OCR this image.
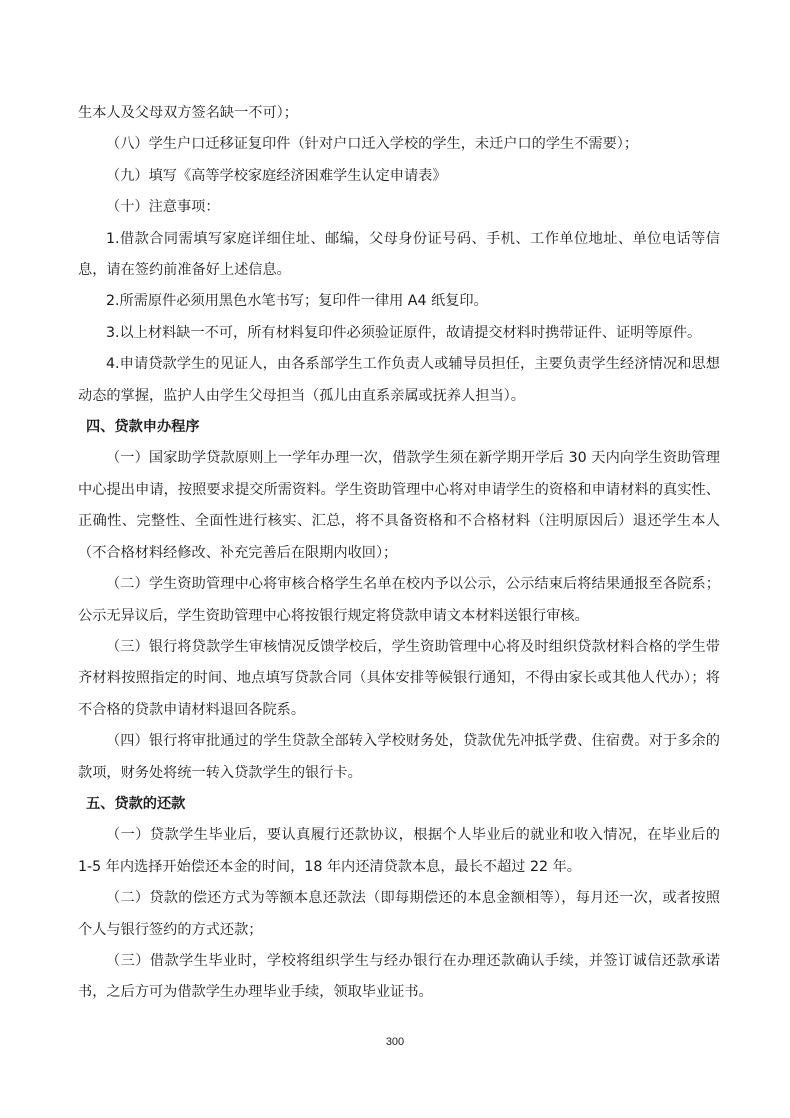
生本人及父母双方签名缺一不可）；

（八）学生户口迁移证复印件（针对户口迁入学校的学生，未迁户口的学生不需要）；

（九）填写《高等学校家庭经济困难学生认定申请表》

（十）注意事项：

1.借款合同需填写家庭详细住址、邮编，父母身份证号码、手机、工作单位地址、单位电话等信息，请在签约前准备好上述信息。

2.所需原件必须用黑色水笔书写；复印件一律用 A4 纸复印。

3.以上材料缺一不可，所有材料复印件必须验证原件，故请提交材料时携带证件、证明等原件。

4.申请贷款学生的见证人，由各系部学生工作负责人或辅导员担任，主要负责学生经济情况和思想动态的掌握，监护人由学生父母担当（孤儿由直系亲属或抚养人担当）。

四、贷款申办程序

（一）国家助学贷款原则上一学年办理一次，借款学生须在新学期开学后 30 天内向学生资助管理中心提出申请，按照要求提交所需资料。学生资助管理中心将对申请学生的资格和申请材料的真实性、正确性、完整性、全面性进行核实、汇总，将不具备资格和不合格材料（注明原因后）退还学生本人（不合格材料经修改、补充完善后在限期内收回）；

（二）学生资助管理中心将审核合格学生名单在校内予以公示，公示结束后将结果通报至各院系；公示无异议后，学生资助管理中心将按银行规定将贷款申请文本材料送银行审核。

（三）银行将贷款学生审核情况反馈学校后，学生资助管理中心将及时组织贷款材料合格的学生带齐材料按照指定的时间、地点填写贷款合同（具体安排等候银行通知，不得由家长或其他人代办）；将不合格的贷款申请材料退回各院系。

（四）银行将审批通过的学生贷款全部转入学校财务处，贷款优先冲抵学费、住宿费。对于多余的款项，财务处将统一转入贷款学生的银行卡。

五、贷款的还款

（一）贷款学生毕业后，要认真履行还款协议，根据个人毕业后的就业和收入情况，在毕业后的 1-5 年内选择开始偿还本金的时间，18 年内还清贷款本息，最长不超过 22 年。

（二）贷款的偿还方式为等额本息还款法（即每期偿还的本息金额相等），每月还一次，或者按照个人与银行签约的方式还款；

（三）借款学生毕业时，学校将组织学生与经办银行在办理还款确认手续，并签订诚信还款承诺书，之后方可为借款学生办理毕业手续，领取毕业证书。

300
